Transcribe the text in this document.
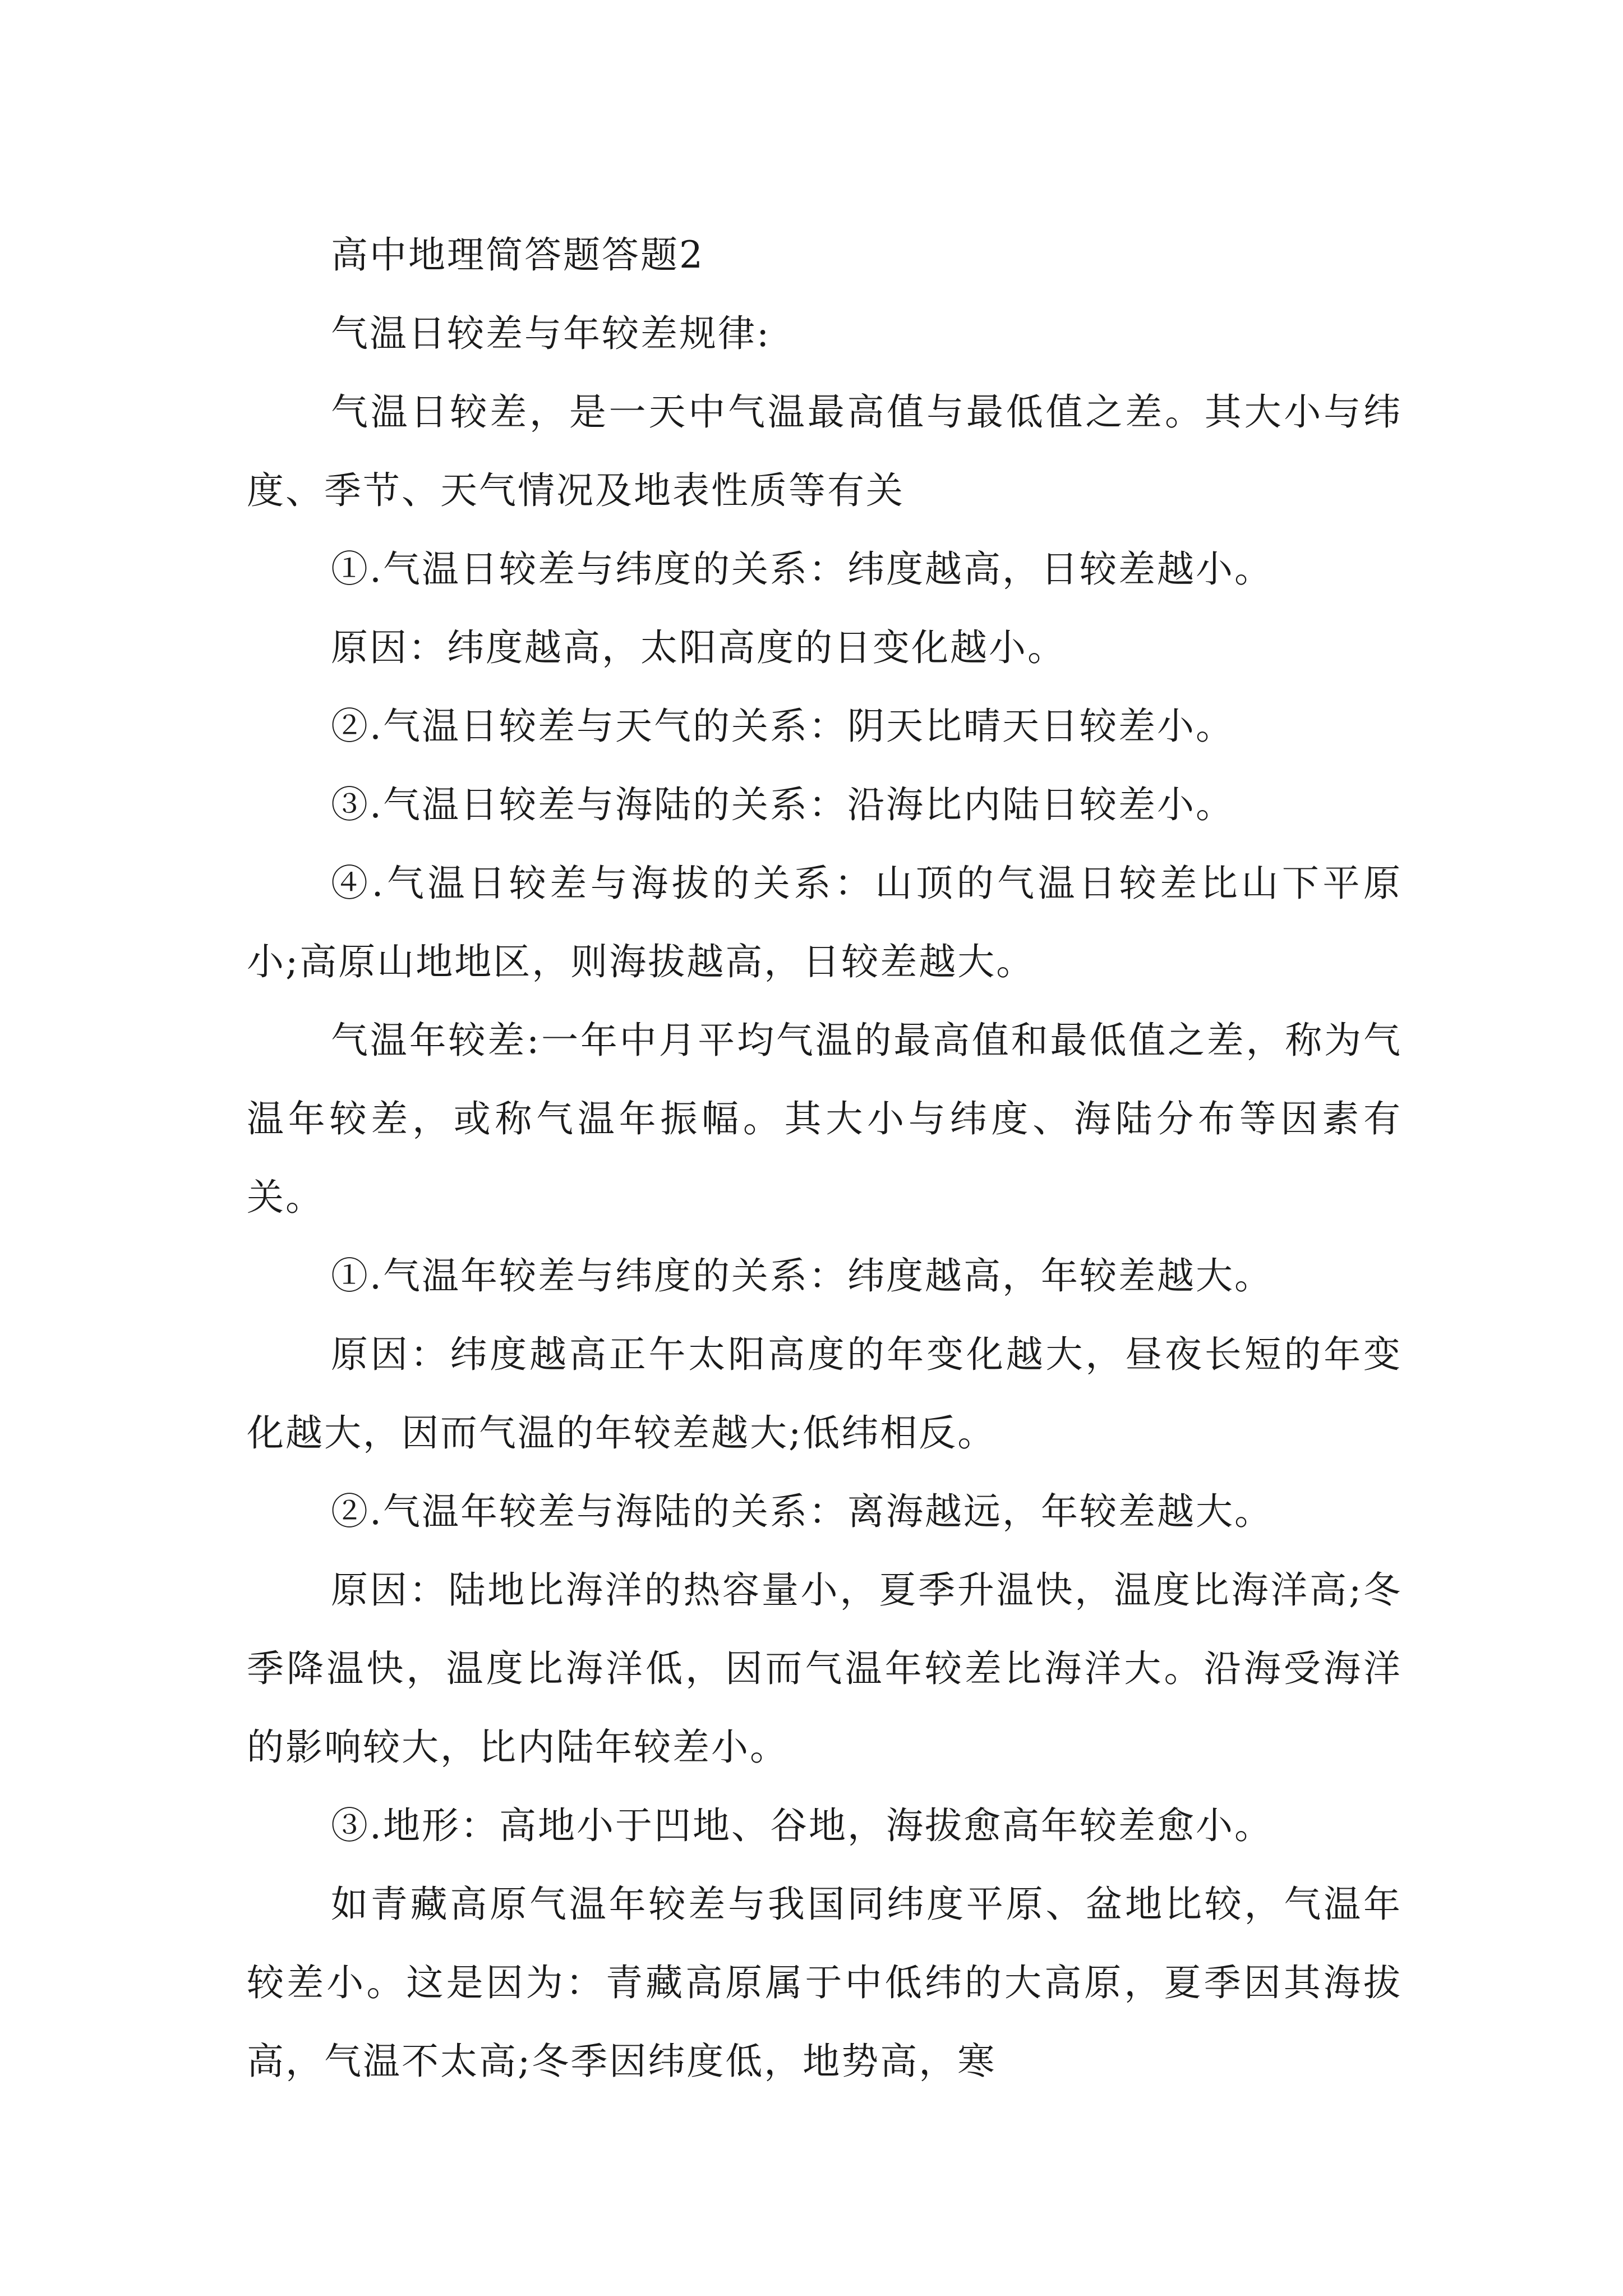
高中地理简答题答题2

气温日较差与年较差规律:

气温日较差，是一天中气温最高值与最低值之差。其大小与纬度、季节、天气情况及地表性质等有关

①.气温日较差与纬度的关系：纬度越高，日较差越小。

原因：纬度越高，太阳高度的日变化越小。

②.气温日较差与天气的关系：阴天比晴天日较差小。

③.气温日较差与海陆的关系：沿海比内陆日较差小。

④.气温日较差与海拔的关系：山顶的气温日较差比山下平原小;高原山地地区，则海拔越高，日较差越大。

气温年较差:一年中月平均气温的最高值和最低值之差，称为气温年较差，或称气温年振幅。其大小与纬度、海陆分布等因素有关。

①.气温年较差与纬度的关系：纬度越高，年较差越大。

原因：纬度越高正午太阳高度的年变化越大，昼夜长短的年变化越大，因而气温的年较差越大;低纬相反。

②.气温年较差与海陆的关系：离海越远，年较差越大。

原因：陆地比海洋的热容量小，夏季升温快，温度比海洋高;冬季降温快，温度比海洋低，因而气温年较差比海洋大。沿海受海洋的影响较大，比内陆年较差小。

③.地形：高地小于凹地、谷地，海拔愈高年较差愈小。

如青藏高原气温年较差与我国同纬度平原、盆地比较，气温年较差小。这是因为：青藏高原属于中低纬的大高原，夏季因其海拔高，气温不太高;冬季因纬度低，地势高，寒
